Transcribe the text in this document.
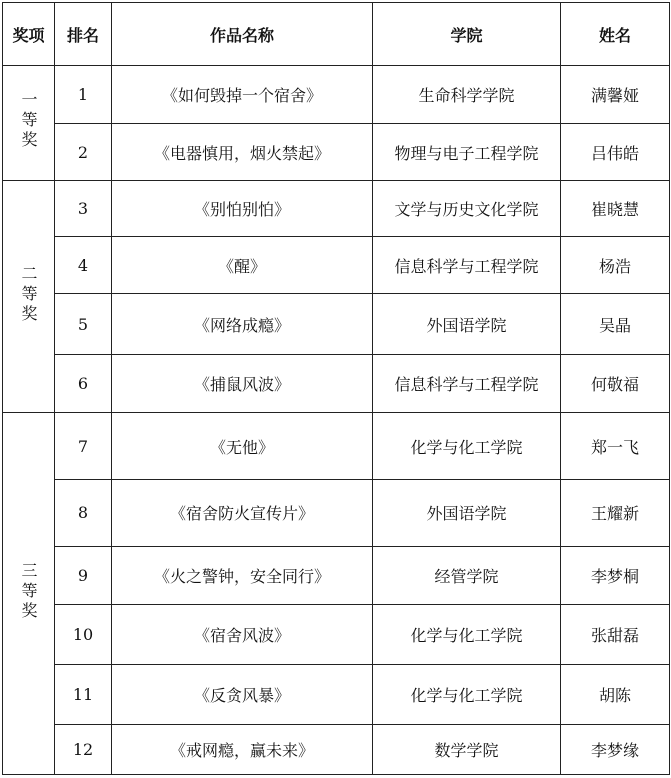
奖项	排名	作品名称	学院	姓名
一等奖	1	《如何毁掉一个宿舍》	生命科学学院	满馨娅
	2	《电器慎用，烟火禁起》	物理与电子工程学院	吕伟皓
二等奖	3	《别怕别怕》	文学与历史文化学院	崔晓慧
	4	《醒》	信息科学与工程学院	杨浩
	5	《网络成瘾》	外国语学院	吴晶
	6	《捕鼠风波》	信息科学与工程学院	何敬福
三等奖	7	《无他》	化学与化工学院	郑一飞
	8	《宿舍防火宣传片》	外国语学院	王耀新
	9	《火之警钟，安全同行》	经管学院	李梦桐
	10	《宿舍风波》	化学与化工学院	张甜磊
	11	《反贪风暴》	化学与化工学院	胡陈
	12	《戒网瘾，赢未来》	数学学院	李梦缘
